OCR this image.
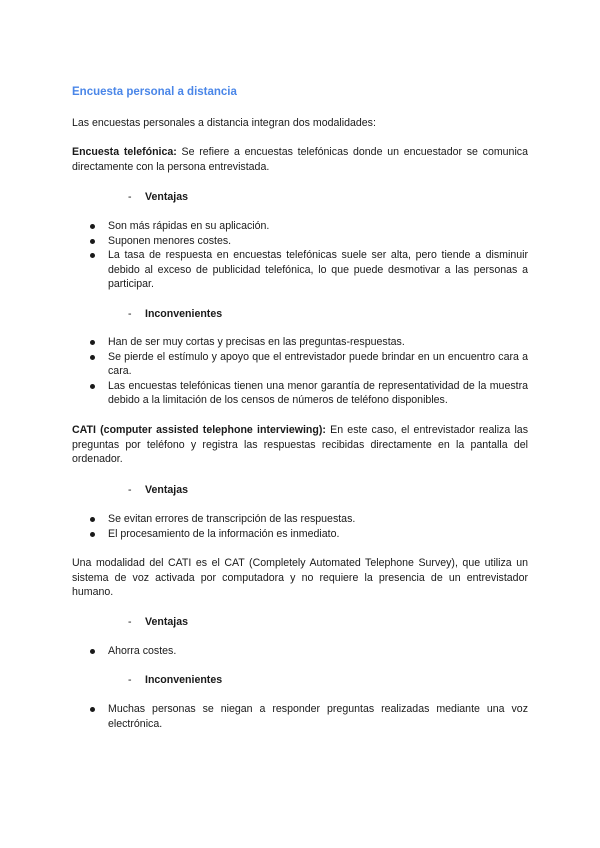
Encuesta personal a distancia
Las encuestas personales a distancia integran dos modalidades:
Encuesta telefónica: Se refiere a encuestas telefónicas donde un encuestador se comunica directamente con la persona entrevistada.
- Ventajas
Son más rápidas en su aplicación.
Suponen menores costes.
La tasa de respuesta en encuestas telefónicas suele ser alta, pero tiende a disminuir debido al exceso de publicidad telefónica, lo que puede desmotivar a las personas a participar.
- Inconvenientes
Han de ser muy cortas y precisas en las preguntas-respuestas.
Se pierde el estímulo y apoyo que el entrevistador puede brindar en un encuentro cara a cara.
Las encuestas telefónicas tienen una menor garantía de representatividad de la muestra debido a la limitación de los censos de números de teléfono disponibles.
CATI (computer assisted telephone interviewing): En este caso, el entrevistador realiza las preguntas por teléfono y registra las respuestas recibidas directamente en la pantalla del ordenador.
- Ventajas
Se evitan errores de transcripción de las respuestas.
El procesamiento de la información es inmediato.
Una modalidad del CATI es el CAT (Completely Automated Telephone Survey), que utiliza un sistema de voz activada por computadora y no requiere la presencia de un entrevistador humano.
- Ventajas
Ahorra costes.
- Inconvenientes
Muchas personas se niegan a responder preguntas realizadas mediante una voz electrónica.
